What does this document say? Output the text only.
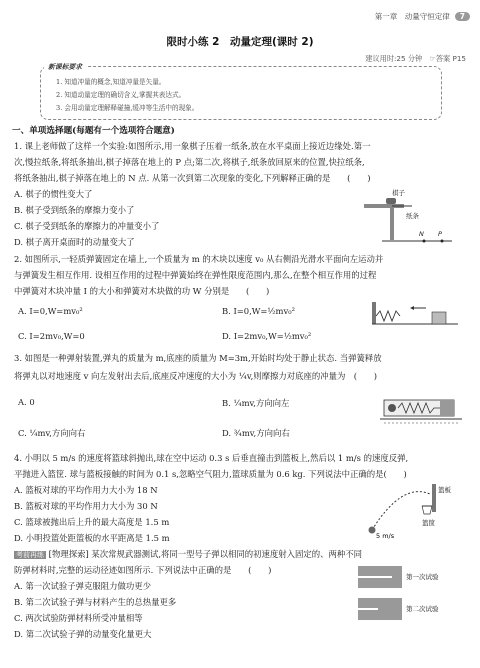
第一章　动量守恒定律	7
限时小练 2　动量定理(课时 2)
建议用时:25 分钟　☞答案 P15
新课标要求
1. 知道冲量的概念,知道冲量是矢量。
2. 知道动量定理的确切含义,掌握其表达式。
3. 会用动量定理解释碰撞,缓冲等生活中的现象。
一、单项选择题(每题有一个选项符合题意)
1. 课上老师做了这样一个实验:如图所示,用一象棋子压着一纸条,放在水平桌面上接近边缘处.第一
次,慢拉纸条,将纸条抽出,棋子掉落在地上的 P 点;第二次,将棋子,纸条放回原来的位置,快拉纸条,
将纸条抽出,棋子掉落在地上的 N 点. 从第一次到第二次现象的变化,下列解释正确的是　　(　　)
A. 棋子的惯性变大了
B. 棋子受到纸条的摩擦力变小了
C. 棋子受到纸条的摩擦力的冲量变小了
D. 棋子离开桌面时的动量变大了
棋子
纸条
N P
2. 如图所示,一轻质弹簧固定在墙上,一个质量为 m 的木块以速度 v₀ 从右侧沿光滑水平面向左运动并
与弹簧发生相互作用. 设相互作用的过程中弹簧始终在弹性限度范围内,那么,在整个相互作用的过程
中弹簧对木块冲量 I 的大小和弹簧对木块做的功 W 分别是　　(　　)
A. I=0,W=mv₀²	B. I=0,W=½mv₀²
C. I=2mv₀,W=0	D. I=2mv₀,W=½mv₀²
3. 如图是一种弹射装置,弹丸的质量为 m,底座的质量为 M=3m,开始时均处于静止状态. 当弹簧释放
将弹丸以对地速度 v 向左发射出去后,底座反冲速度的大小为 ¼v,则摩擦力对底座的冲量为　(　　)
A. 0	B. ¼mv,方向向左
C. ¼mv,方向向右	D. ¾mv,方向向右
4. 小明以 5 m/s 的速度将篮球斜抛出,球在空中运动 0.3 s 后垂直撞击到篮板上,然后以 1 m/s 的速度反弹,
平抛进入篮筐. 球与篮板接触的时间为 0.1 s,忽略空气阻力,篮球质量为 0.6 kg. 下列说法中正确的是(　　)
A. 篮板对球的平均作用力大小为 18 N
B. 篮板对球的平均作用力大小为 30 N
C. 篮球被抛出后上升的最大高度是 1.5 m
D. 小明投篮处距篮板的水平距离是 1.5 m
篮板
篮筐
5 m/s
考前再练 [物理探索] 某次常规武器测试,将同一型号子弹以相同的初速度射入固定的、两种不同
防弹材料时,完整的运动径迹如图所示. 下列说法中正确的是　　(　　)
A. 第一次试验子弹克服阻力做功更少
B. 第二次试验子弹与材料产生的总热量更多
C. 两次试验防弹材料所受冲量相等
D. 第二次试验子弹的动量变化量更大
第一次试验
第二次试验
